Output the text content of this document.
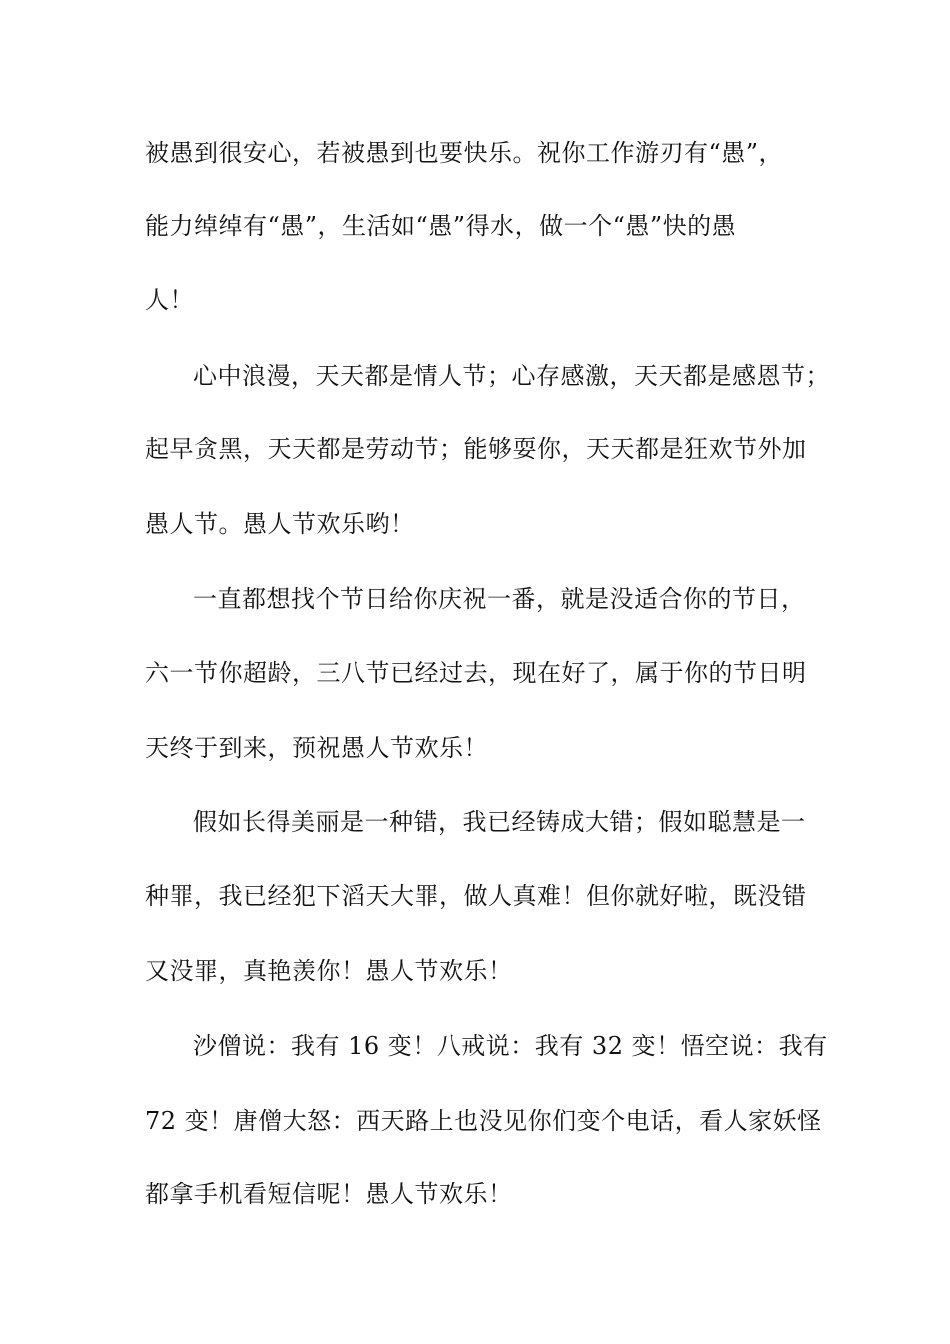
被愚到很安心，若被愚到也要快乐。祝你工作游刃有“愚”，
能力绰绰有“愚”，生活如“愚”得水，做一个“愚”快的愚
人！
心中浪漫，天天都是情人节；心存感激，天天都是感恩节；
起早贪黑，天天都是劳动节；能够耍你，天天都是狂欢节外加
愚人节。愚人节欢乐哟！
一直都想找个节日给你庆祝一番，就是没适合你的节日，
六一节你超龄，三八节已经过去，现在好了，属于你的节日明
天终于到来，预祝愚人节欢乐！
假如长得美丽是一种错，我已经铸成大错；假如聪慧是一
种罪，我已经犯下滔天大罪，做人真难！但你就好啦，既没错
又没罪，真艳羡你！愚人节欢乐！
沙僧说：我有 16 变！八戒说：我有 32 变！悟空说：我有
72 变！唐僧大怒：西天路上也没见你们变个电话，看人家妖怪
都拿手机看短信呢！愚人节欢乐！
